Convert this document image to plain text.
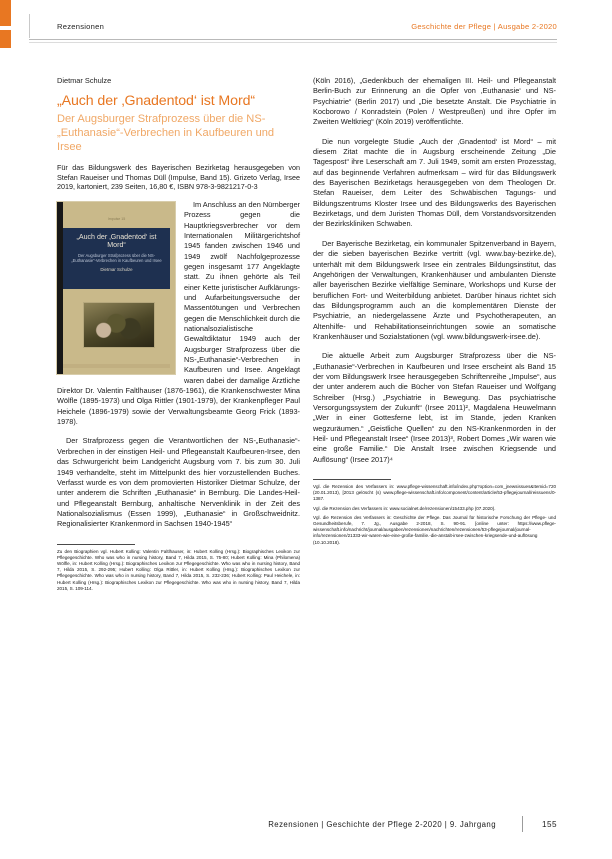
Rezensionen	Geschichte der Pflege | Ausgabe 2-2020
Dietmar Schulze
„Auch der ‚Gnadentod‘ ist Mord“
Der Augsburger Strafprozess über die NS-„Euthanasie“-Verbrechen in Kaufbeuren und Irsee
Für das Bildungswerk des Bayerischen Bezirketag herausgegeben von Stefan Raueiser und Thomas Düll (Impulse, Band 15). Grizeto Verlag, Irsee 2019, kartoniert, 239 Seiten, 16,80 €, ISBN 978-3-9821217-0-3
Impulse 15
„Auch der ‚Gnadentod‘ ist Mord“
Der Augsburger Strafprozess über die NS-„Euthanasie“-Verbrechen in Kaufbeuren und Irsee
Dietmar Schulze

Im Anschluss an den Nürnberger Prozess gegen die Hauptkriegsverbrecher vor dem Internationalen Militärgerichtshof 1945 fanden zwischen 1946 und 1949 zwölf Nachfolgeprozesse gegen insgesamt 177 Angeklagte statt. Zu ihnen gehörte als Teil einer Kette juristischer Aufklärungs- und Aufarbeitungsversuche der Massentötungen und Verbrechen gegen die Menschlichkeit durch die nationalsozialistische Gewaltdiktatur 1949 auch der Augsburger Strafprozess über die NS-„Euthanasie“-Verbrechen in Kaufbeuren und Irsee. Angeklagt waren dabei der damalige Ärztliche Direktor Dr. Valentin Faltlhauser (1876-1961), die Krankenschwester Mina Wölfle (1895-1973) und Olga Rittler (1901-1979), der Krankenpfleger Paul Heichele (1896-1979) sowie der Verwaltungsbeamte Georg Frick (1893-1978).

Der Strafprozess gegen die Verantwortlichen der NS-„Euthanasie“-Verbrechen in der einstigen Heil- und Pflegeanstalt Kaufbeuren-Irsee, den das Schwurgericht beim Landgericht Augsburg vom 7. bis zum 30. Juli 1949 verhandelte, steht im Mittelpunkt des hier vorzustellenden Buches. Verfasst wurde es von dem promovierten Historiker Dietmar Schulze, der unter anderem die Schriften „Euthanasie“ in Bernburg. Die Landes-Heil- und Pflegeanstalt Bernburg, anhaltische Nervenklinik in der Zeit des Nationalsozialismus (Essen 1999), „Euthanasie“ in Großschweidnitz. Regionalisierter Krankenmord in Sachsen 1940-1945“

Zu den Biographien vgl. Hubert Kolling: Valentin Faltlhauser, in: Hubert Kolling (Hrsg.): Biographisches Lexikon zur Pflegegeschichte. Who was who in nursing history, Band 7, Hilda 2015, S. 75-80; Hubert Kolling: Mina (Philomena) Wölfle, in: Hubert Kolling (Hrsg.): Biographisches Lexikon zur Pflegegeschichte. Who was who in nursing history, Band 7, Hilda 2015, S. 292-295; Hubert Kolling: Olga Rittler, in: Hubert Kolling (Hrsg.): Biographisches Lexikon zur Pflegegeschichte. Who was who in nursing history, Band 7, Hilda 2015, S. 232-236; Hubert Kolling: Paul Heichele, in: Hubert Kolling (Hrsg.): Biographisches Lexikon zur Pflegegeschichte. Who was who in nursing history, Band 7, Hilda 2015, S. 109-114.

(Köln 2016), „Gedenkbuch der ehemaligen III. Heil- und Pflegeanstalt Berlin-Buch zur Erinnerung an die Opfer von ‚Euthanasie‘ und NS-Psychiatrie“ (Berlin 2017) und „Die besetzte Anstalt. Die Psychiatrie in Kocborowo / Konradstein (Polen / Westpreußen) und ihre Opfer im Zweiten Weltkrieg“ (Köln 2019) veröffentlichte.

Die nun vorgelegte Studie „Auch der ‚Gnadentod‘ ist Mord“ – mit diesem Zitat machte die in Augsburg erscheinende Zeitung „Die Tagespost“ ihre Leserschaft am 7. Juli 1949, somit am ersten Prozesstag, auf das beginnende Verfahren aufmerksam – wird für das Bildungswerk des Bayerischen Bezirketags herausgegeben von dem Theologen Dr. Stefan Raueiser, dem Leiter des Schwäbischen Tagungs- und Bildungszentrums Kloster Irsee und des Bildungswerks des Bayerischen Bezirketags, und dem Juristen Thomas Düll, dem Vorstandsvorsitzenden der Bezirkskliniken Schwaben.

Der Bayerische Bezirketag, ein kommunaler Spitzenverband in Bayern, der die sieben bayerischen Bezirke vertritt (vgl. www.bay-bezirke.de), unterhält mit dem Bildungswerk Irsee ein zentrales Bildungsinstitut, das Angehörigen der Verwaltungen, Krankenhäuser und ambulanten Dienste aller bayerischen Bezirke vielfältige Seminare, Workshops und Kurse der beruflichen Fort- und Weiterbildung anbietet. Darüber hinaus richtet sich das Bildungsprogramm auch an die komplementären Dienste der Psychiatrie, an niedergelassene Ärzte und Psychotherapeuten, an Altenhilfe- und Rehabilitationseinrichtungen sowie an somatische Krankenhäuser und Sozialstationen (vgl. www.bildungswerk-irsee.de).

Die aktuelle Arbeit zum Augsburger Strafprozess über die NS-„Euthanasie“-Verbrechen in Kaufbeuren und Irsee erscheint als Band 15 der vom Bildungswerk Irsee herausgegeben Schriftenreihe „Impulse“, aus der unter anderem auch die Bücher von Stefan Raueiser und Wolfgang Schreiber (Hrsg.) „Psychiatrie in Bewegung. Das psychiatrische Versorgungssystem der Zukunft“ (Irsee 2011)², Magdalena Heuwelmann „Wer in einer Gottesferne lebt, ist im Stande, jeden Kranken wegzuräumen.“ „Geistliche Quellen“ zu den NS-Krankenmorden in der Heil- und Pflegeanstalt Irsee“ (Irsee 2013)³, Robert Domes „Wir waren wie eine große Familie.“ Die Anstalt Irsee zwischen Kriegsende und Auflösung“ (Irsee 2017)⁴

Vgl. die Rezension des Verfassers in: www.pflege-wissenschaft.info/index.php?option=com_jnewsissues&Itemid=720 (20.01.2013), [2013 gelöscht (s) www.pflege-wissenschaft.info/component/content/article/53-pflegejournal/reissuens/0-1387.

Vgl. die Rezension des Verfassers in: www.socialnet.de/rezensionen/15433.php (07.2020).

Vgl. die Rezension des Verfassers in: Geschichte der Pflege. Das Journal für historische Forschung der Pflege- und Gesundheitsberufe, 7. Jg., Ausgabe 2-2018, S. 90-91. [online unter: https://www.pflege-wissenschaft.info/nachricht/journal/ausgaben/rezensionen/nachrichten/rezensionen/53-pflegejournal/journal-info/rezensionen/21333-wir-waren-wie-eine-große-familie.-die-anstalt-irsee-zwischen-kriegsende-und-auflösung (10.10.2018).

Rezensionen | Geschichte der Pflege 2-2020 | 9. Jahrgang	155
